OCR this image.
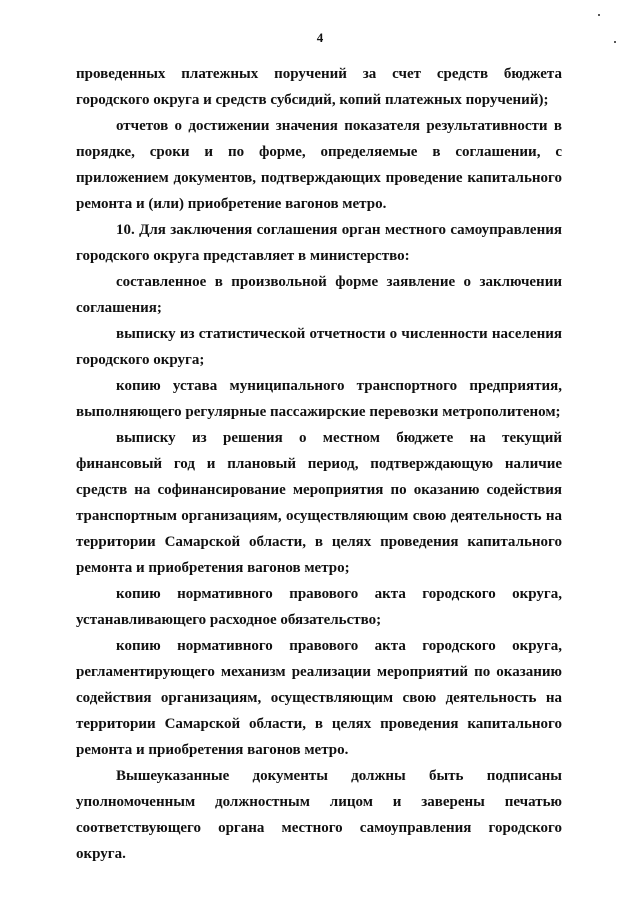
4

проведенных платежных поручений за счет средств бюджета городского округа и средств субсидий, копий платежных поручений);

отчетов о достижении значения показателя результативности в порядке, сроки и по форме, определяемые в соглашении, с приложением документов, подтверждающих проведение капитального ремонта и (или) приобретение вагонов метро.

10. Для заключения соглашения орган местного самоуправления городского округа представляет в министерство:

составленное в произвольной форме заявление о заключении соглашения;

выписку из статистической отчетности о численности населения городского округа;

копию устава муниципального транспортного предприятия, выполняющего регулярные пассажирские перевозки метрополитеном;

выписку из решения о местном бюджете на текущий финансовый год и плановый период, подтверждающую наличие средств на софинансирование мероприятия по оказанию содействия транспортным организациям, осуществляющим свою деятельность на территории Самарской области, в целях проведения капитального ремонта и приобретения вагонов метро;

копию нормативного правового акта городского округа, устанавливающего расходное обязательство;

копию нормативного правового акта городского округа, регламентирующего механизм реализации мероприятий по оказанию содействия организациям, осуществляющим свою деятельность на территории Самарской области, в целях проведения капитального ремонта и приобретения вагонов метро.

Вышеуказанные документы должны быть подписаны уполномоченным должностным лицом и заверены печатью соответствующего органа местного самоуправления городского округа.
